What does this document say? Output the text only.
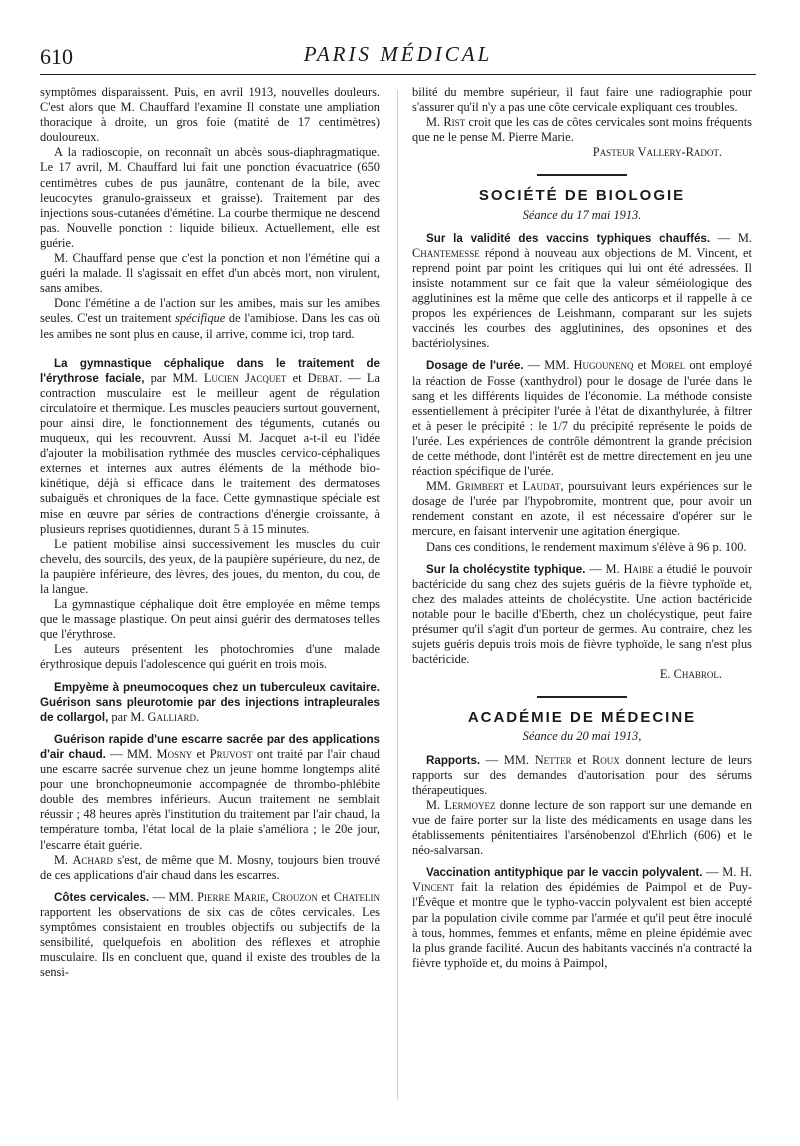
610	PARIS MÉDICAL

symptômes disparaissent. Puis, en avril 1913, nouvelles douleurs. C'est alors que M. Chauffard l'examine Il constate une ampliation thoracique à droite, un gros foie (matité de 17 centimètres) douloureux.

A la radioscopie, on reconnaît un abcès sous-diaphragmatique. Le 17 avril, M. Chauffard lui fait une ponction évacuatrice (650 centimètres cubes de pus jaunâtre, contenant de la bile, avec leucocytes granulo-graisseux et graisse). Traitement par des injections sous-cutanées d'émétine. La courbe thermique ne descend pas. Nouvelle ponction : liquide bilieux. Actuellement, elle est guérie.

M. Chauffard pense que c'est la ponction et non l'émétine qui a guéri la malade. Il s'agissait en effet d'un abcès mort, non virulent, sans amibes.

Donc l'émétine a de l'action sur les amibes, mais sur les amibes seules. C'est un traitement spécifique de l'amibiose. Dans les cas où les amibes ne sont plus en cause, il arrive, comme ici, trop tard.

La gymnastique céphalique dans le traitement de l'érythrose faciale, par MM. Lucien Jacquet et Debat. — La contraction musculaire est le meilleur agent de régulation circulatoire et thermique. Les muscles peauciers surtout gouvernent, pour ainsi dire, le fonctionnement des téguments, cutanés ou muqueux, qui les recouvrent. Aussi M. Jacquet a-t-il eu l'idée d'ajouter la mobilisation rythmée des muscles cervico-céphaliques externes et internes aux autres éléments de la méthode bio-kinétique, déjà si efficace dans le traitement des dermatoses subaiguës et chroniques de la face. Cette gymnastique spéciale est mise en œuvre par séries de contractions d'énergie croissante, à plusieurs reprises quotidiennes, durant 5 à 15 minutes.

Le patient mobilise ainsi successivement les muscles du cuir chevelu, des sourcils, des yeux, de la paupière supérieure, du nez, de la paupière inférieure, des lèvres, des joues, du menton, du cou, de la langue.

La gymnastique céphalique doit être employée en même temps que le massage plastique. On peut ainsi guérir des dermatoses telles que l'érythrose.

Les auteurs présentent les photochromies d'une malade érythrosique depuis l'adolescence qui guérit en trois mois.

Empyème à pneumocoques chez un tuberculeux cavitaire. Guérison sans pleurotomie par des injections intrapleurales de collargol, par M. Galliard.

Guérison rapide d'une escarre sacrée par des applications d'air chaud. — MM. Mosny et Pruvost ont traité par l'air chaud une escarre sacrée survenue chez un jeune homme longtemps alité pour une bronchopneumonie accompagnée de thrombo-phlébite double des membres inférieurs. Aucun traitement ne semblait réussir ; 48 heures après l'institution du traitement par l'air chaud, la température tomba, l'état local de la plaie s'améliora ; le 20e jour, l'escarre était guérie.

M. Achard s'est, de même que M. Mosny, toujours bien trouvé de ces applications d'air chaud dans les escarres.

Côtes cervicales. — MM. Pierre Marie, Crouzon et Chatelin rapportent les observations de six cas de côtes cervicales. Les symptômes consistaient en troubles objectifs ou subjectifs de la sensibilité, quelquefois en abolition des réflexes et atrophie musculaire. Ils en concluent que, quand il existe des troubles de la sensi-

bilité du membre supérieur, il faut faire une radiographie pour s'assurer qu'il n'y a pas une côte cervicale expliquant ces troubles.

M. Rist croit que les cas de côtes cervicales sont moins fréquents que ne le pense M. Pierre Marie.

Pasteur Vallery-Radot.
SOCIÉTÉ DE BIOLOGIE
Séance du 17 mai 1913.

Sur la validité des vaccins typhiques chauffés. — M. Chantemesse répond à nouveau aux objections de M. Vincent, et reprend point par point les critiques qui lui ont été adressées. Il insiste notamment sur ce fait que la valeur séméiologique des agglutinines est la même que celle des anticorps et il rappelle à ce propos les expériences de Leishmann, comparant sur les sujets vaccinés les courbes des agglutinines, des opsonines et des bactériolysines.

Dosage de l'urée. — MM. Hugounenq et Morel ont employé la réaction de Fosse (xanthydrol) pour le dosage de l'urée dans le sang et les différents liquides de l'économie. La méthode consiste essentiellement à précipiter l'urée à l'état de dixanthylurée, à filtrer et à peser le précipité : le 1/7 du précipité représente le poids de l'urée. Les expériences de contrôle démontrent la grande précision de cette méthode, dont l'intérêt est de mettre directement en jeu une réaction spécifique de l'urée.

MM. Grimbert et Laudat, poursuivant leurs expériences sur le dosage de l'urée par l'hypobromite, montrent que, pour avoir un rendement constant en azote, il est nécessaire d'opérer sur le mercure, en faisant intervenir une agitation énergique.

Dans ces conditions, le rendement maximum s'élève à 96 p. 100.

Sur la cholécystite typhique. — M. Haibe a étudié le pouvoir bactéricide du sang chez des sujets guéris de la fièvre typhoïde et, chez des malades atteints de cholécystite. Une action bactéricide notable pour le bacille d'Eberth, chez un cholécystique, peut faire présumer qu'il s'agit d'un porteur de germes. Au contraire, chez les sujets guéris depuis trois mois de fièvre typhoïde, le sang n'est plus bactéricide.

E. Chabrol.
ACADÉMIE DE MÉDECINE
Séance du 20 mai 1913,

Rapports. — MM. Netter et Roux donnent lecture de leurs rapports sur des demandes d'autorisation pour des sérums thérapeutiques.

M. Lermoyez donne lecture de son rapport sur une demande en vue de faire porter sur la liste des médicaments en usage dans les établissements pénitentiaires l'arsénobenzol d'Ehrlich (606) et le néo-salvarsan.

Vaccination antityphique par le vaccin polyvalent. — M. H. Vincent fait la relation des épidémies de Paimpol et de Puy-l'Évêque et montre que le typho-vaccin polyvalent est bien accepté par la population civile comme par l'armée et qu'il peut être inoculé à tous, hommes, femmes et enfants, même en pleine épidémie avec la plus grande facilité. Aucun des habitants vaccinés n'a contracté la fièvre typhoïde et, du moins à Paimpol,
